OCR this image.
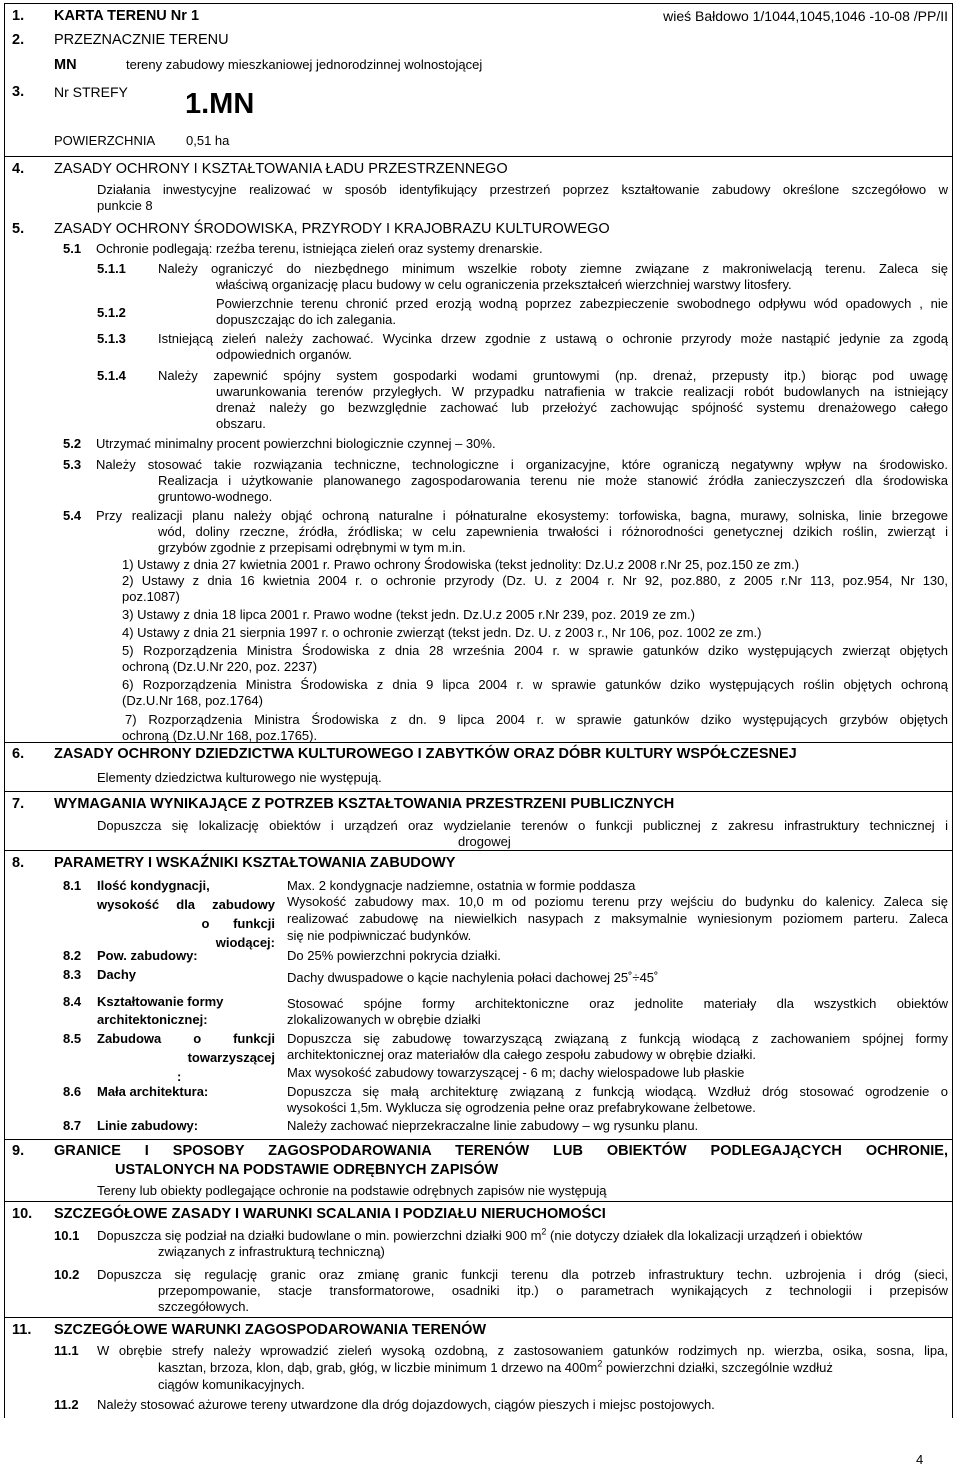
1. KARTA TERENU Nr 1	wieś Bałdowo 1/1044,1045,1046 -10-08 /PP/II
2. PRZEZNACZNIE TERENU
MN	tereny zabudowy mieszkaniowej jednorodzinnej wolnostojącej
3. Nr STREFY 1.MN
POWIERZCHNIA 0,51 ha
4. ZASADY OCHRONY I KSZTAŁTOWANIA ŁADU PRZESTRZENNEGO
Działania inwestycyjne realizować w sposób identyfikujący przestrzeń poprzez kształtowanie zabudowy określone szczegółowo w
punkcie 8
5. ZASADY OCHRONY ŚRODOWISKA, PRZYRODY I KRAJOBRAZU KULTUROWEGO
5.1 Ochronie podlegają: rzeźba terenu, istniejąca zieleń oraz systemy drenarskie.
5.1.1 Należy ograniczyć do niezbędnego minimum wszelkie roboty ziemne związane z makroniwelacją terenu. Zaleca się
właściwą organizację placu budowy w celu ograniczenia przekształceń wierzchniej warstwy litosfery.
5.1.2
Powierzchnie terenu chronić przed erozją wodną poprzez zabezpieczenie swobodnego odpływu wód opadowych , nie
dopuszczając do ich zalegania.
5.1.3 Istniejącą zieleń należy zachować. Wycinka drzew zgodnie z ustawą o ochronie przyrody może nastąpić jedynie za zgodą
odpowiednich organów.
5.1.4 Należy zapewnić spójny system gospodarki wodami gruntowymi (np. drenaż, przepusty itp.) biorąc pod uwagę
uwarunkowania terenów przyległych. W przypadku natrafienia w trakcie realizacji robót budowlanych na istniejący
drenaż należy go bezwzględnie zachować lub przełożyć zachowując spójność systemu drenażowego całego
obszaru.
5.2 Utrzymać minimalny procent powierzchni biologicznie czynnej – 30%.
5.3 Należy stosować takie rozwiązania techniczne, technologiczne i organizacyjne, które ograniczą negatywny wpływ na środowisko.
Realizacja i użytkowanie planowanego zagospodarowania terenu nie może stanowić źródła zanieczyszczeń dla środowiska
gruntowo-wodnego.
5.4 Przy realizacji planu należy objąć ochroną naturalne i półnaturalne ekosystemy: torfowiska, bagna, murawy, solniska, linie brzegowe
wód, doliny rzeczne, źródła, źródliska; w celu zapewnienia trwałości i różnorodności genetycznej dzikich roślin, zwierząt i
grzybów zgodnie z przepisami odrębnymi w tym m.in.
1) Ustawy z dnia 27 kwietnia 2001 r. Prawo ochrony Środowiska (tekst jednolity: Dz.U.z 2008 r.Nr 25, poz.150 ze zm.)
2) Ustawy z dnia 16 kwietnia 2004 r. o ochronie przyrody (Dz. U. z 2004 r. Nr 92, poz.880, z 2005 r.Nr 113, poz.954, Nr 130,
poz.1087)
3) Ustawy z dnia 18 lipca 2001 r. Prawo wodne (tekst jedn. Dz.U.z 2005 r.Nr 239, poz. 2019 ze zm.)
4) Ustawy z dnia 21 sierpnia 1997 r. o ochronie zwierząt (tekst jedn. Dz. U. z 2003 r., Nr 106, poz. 1002 ze zm.)
5) Rozporządzenia Ministra Środowiska z dnia 28 września 2004 r. w sprawie gatunków dziko występujących zwierząt objętych
ochroną (Dz.U.Nr 220, poz. 2237)
6) Rozporządzenia Ministra Środowiska z dnia 9 lipca 2004 r. w sprawie gatunków dziko występujących roślin objętych ochroną
(Dz.U.Nr 168, poz.1764)
7) Rozporządzenia Ministra Środowiska z dn. 9 lipca 2004 r. w sprawie gatunków dziko występujących grzybów objętych
ochroną (Dz.U.Nr 168, poz.1765).
6. ZASADY OCHRONY DZIEDZICTWA KULTUROWEGO I ZABYTKÓW ORAZ DÓBR KULTURY WSPÓŁCZESNEJ
Elementy dziedzictwa kulturowego nie występują.
7. WYMAGANIA WYNIKAJĄCE Z POTRZEB KSZTAŁTOWANIA PRZESTRZENI PUBLICZNYCH
Dopuszcza się lokalizację obiektów i urządzeń oraz wydzielanie terenów o funkcji publicznej z zakresu infrastruktury technicznej i
drogowej
8. PARAMETRY I WSKAŹNIKI KSZTAŁTOWANIA ZABUDOWY
8.1 Ilość kondygnacji,
wysokość dla zabudowy
o funkcji
wiodącej:
Max. 2 kondygnacje nadziemne, ostatnia w formie poddasza
Wysokość zabudowy max. 10,0 m od poziomu terenu przy wejściu do budynku do kalenicy. Zaleca się
realizować zabudowę na niewielkich nasypach z maksymalnie wyniesionym poziomem parteru. Zaleca
się nie podpiwniczać budynków.
8.2 Pow. zabudowy:	Do 25% powierzchni pokrycia działki.
8.3 Dachy	Dachy dwuspadowe o kącie nachylenia połaci dachowej 25˚÷45˚
8.4 Kształtowanie formy
architektonicznej:
Stosować spójne formy architektoniczne oraz jednolite materiały dla wszystkich obiektów
zlokalizowanych w obrębie działki
8.5 Zabudowa o funkcji
towarzyszącej
:
Dopuszcza się zabudowę towarzyszącą związaną z funkcją wiodącą z zachowaniem spójnej formy
architektonicznej oraz materiałów dla całego zespołu zabudowy w obrębie działki.
Max wysokość zabudowy towarzyszącej - 6 m; dachy wielospadowe lub płaskie
8.6 Mała architektura:	Dopuszcza się małą architekturę związaną z funkcją wiodącą. Wzdłuż dróg stosować ogrodzenie o
wysokości 1,5m. Wyklucza się ogrodzenia pełne oraz prefabrykowane żelbetowe.
8.7 Linie zabudowy:	Należy zachować nieprzekraczalne linie zabudowy – wg rysunku planu.
9. GRANICE I SPOSOBY ZAGOSPODAROWANIA TERENÓW LUB OBIEKTÓW PODLEGAJĄCYCH OCHRONIE,
USTALONYCH NA PODSTAWIE ODRĘBNYCH ZAPISÓW
Tereny lub obiekty podlegające ochronie na podstawie odrębnych zapisów nie występują
10. SZCZEGÓŁOWE ZASADY I WARUNKI SCALANIA I PODZIAŁU NIERUCHOMOŚCI
10.1 Dopuszcza się podział na działki budowlane o min. powierzchni działki 900 $m^2$ (nie dotyczy działek dla lokalizacji urządzeń i obiektów
związanych z infrastrukturą techniczną)
10.2 Dopuszcza się regulację granic oraz zmianę granic funkcji terenu dla potrzeb infrastruktury techn. uzbrojenia i dróg (sieci,
przepompowanie, stacje transformatorowe, osadniki itp.) o parametrach wynikających z technologii i przepisów
szczegółowych.
11. SZCZEGÓŁOWE WARUNKI ZAGOSPODAROWANIA TERENÓW
11.1 W obrębie strefy należy wprowadzić zieleń wysoką ozdobną, z zastosowaniem gatunków rodzimych np. wierzba, osika, sosna, lipa,
kasztan, brzoza, klon, dąb, grab, głóg, w liczbie minimum 1 drzewo na $400m^2$ powierzchni działki, szczególnie wzdłuż
ciągów komunikacyjnych.
11.2 Należy stosować ażurowe tereny utwardzone dla dróg dojazdowych, ciągów pieszych i miejsc postojowych.
4
